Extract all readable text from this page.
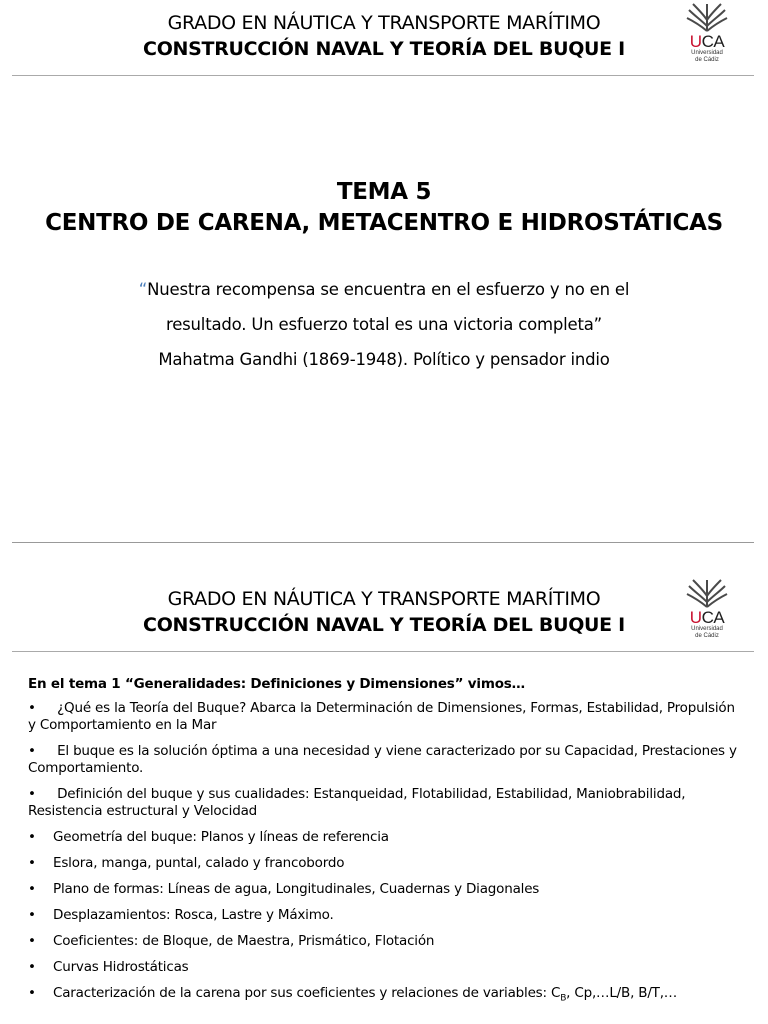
GRADO EN NÁUTICA Y TRANSPORTE MARÍTIMO
CONSTRUCCIÓN NAVAL Y TEORÍA DEL BUQUE I	UCA
Universidad
de Cádiz
TEMA 5
CENTRO DE CARENA, METACENTRO E HIDROSTÁTICAS
“Nuestra recompensa se encuentra en el esfuerzo y no en el
resultado. Un esfuerzo total es una victoria completa”
Mahatma Gandhi (1869-1948). Político y pensador indio
GRADO EN NÁUTICA Y TRANSPORTE MARÍTIMO
CONSTRUCCIÓN NAVAL Y TEORÍA DEL BUQUE I	UCA
Universidad
de Cádiz
En el tema 1 “Generalidades: Definiciones y Dimensiones” vimos…
• ¿Qué es la Teoría del Buque? Abarca la Determinación de Dimensiones, Formas, Estabilidad, Propulsión y Comportamiento en la Mar
• El buque es la solución óptima a una necesidad y viene caracterizado por su Capacidad, Prestaciones y Comportamiento.
• Definición del buque y sus cualidades: Estanqueidad, Flotabilidad, Estabilidad, Maniobrabilidad, Resistencia estructural y Velocidad
• Geometría del buque: Planos y líneas de referencia
• Eslora, manga, puntal, calado y francobordo
• Plano de formas: Líneas de agua, Longitudinales, Cuadernas y Diagonales
• Desplazamientos: Rosca, Lastre y Máximo.
• Coeficientes: de Bloque, de Maestra, Prismático, Flotación
• Curvas Hidrostáticas
• Caracterización de la carena por sus coeficientes y relaciones de variables: $C_B$, Cp,…L/B, B/T,…
